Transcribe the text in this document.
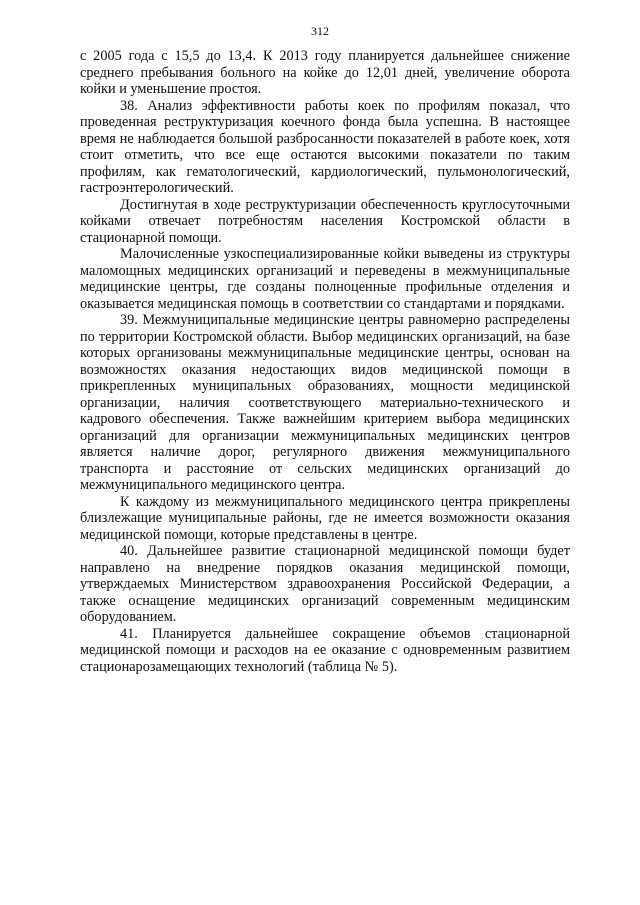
312

с 2005 года с 15,5 до 13,4. К 2013 году планируется дальнейшее снижение среднего пребывания больного на койке до 12,01 дней, увеличение оборота койки и уменьшение простоя.

38. Анализ эффективности работы коек по профилям показал, что проведенная реструктуризация коечного фонда была успешна. В настоящее время не наблюдается большой разбросанности показателей в работе коек, хотя стоит отметить, что все еще остаются высокими показатели по таким профилям, как гематологический, кардиологический, пульмонологический, гастроэнтерологический.

Достигнутая в ходе реструктуризации обеспеченность круглосуточными койками отвечает потребностям населения Костромской области в стационарной помощи.

Малочисленные узкоспециализированные койки выведены из структуры маломощных медицинских организаций и переведены в межмуниципальные медицинские центры, где созданы полноценные профильные отделения и оказывается медицинская помощь в соответствии со стандартами и порядками.

39. Межмуниципальные медицинские центры равномерно распределены по территории Костромской области. Выбор медицинских организаций, на базе которых организованы межмуниципальные медицинские центры, основан на возможностях оказания недостающих видов медицинской помощи в прикрепленных муниципальных образованиях, мощности медицинской организации, наличия соответствующего материально-технического и кадрового обеспечения. Также важнейшим критерием выбора медицинских организаций для организации межмуниципальных медицинских центров является наличие дорог, регулярного движения межмуниципального транспорта и расстояние от сельских медицинских организаций до межмуниципального медицинского центра.

К каждому из межмуниципального медицинского центра прикреплены близлежащие муниципальные районы, где не имеется возможности оказания медицинской помощи, которые представлены в центре.

40. Дальнейшее развитие стационарной медицинской помощи будет направлено на внедрение порядков оказания медицинской помощи, утверждаемых Министерством здравоохранения Российской Федерации, а также оснащение медицинских организаций современным медицинским оборудованием.

41. Планируется дальнейшее сокращение объемов стационарной медицинской помощи и расходов на ее оказание с одновременным развитием стационарозамещающих технологий (таблица № 5).
